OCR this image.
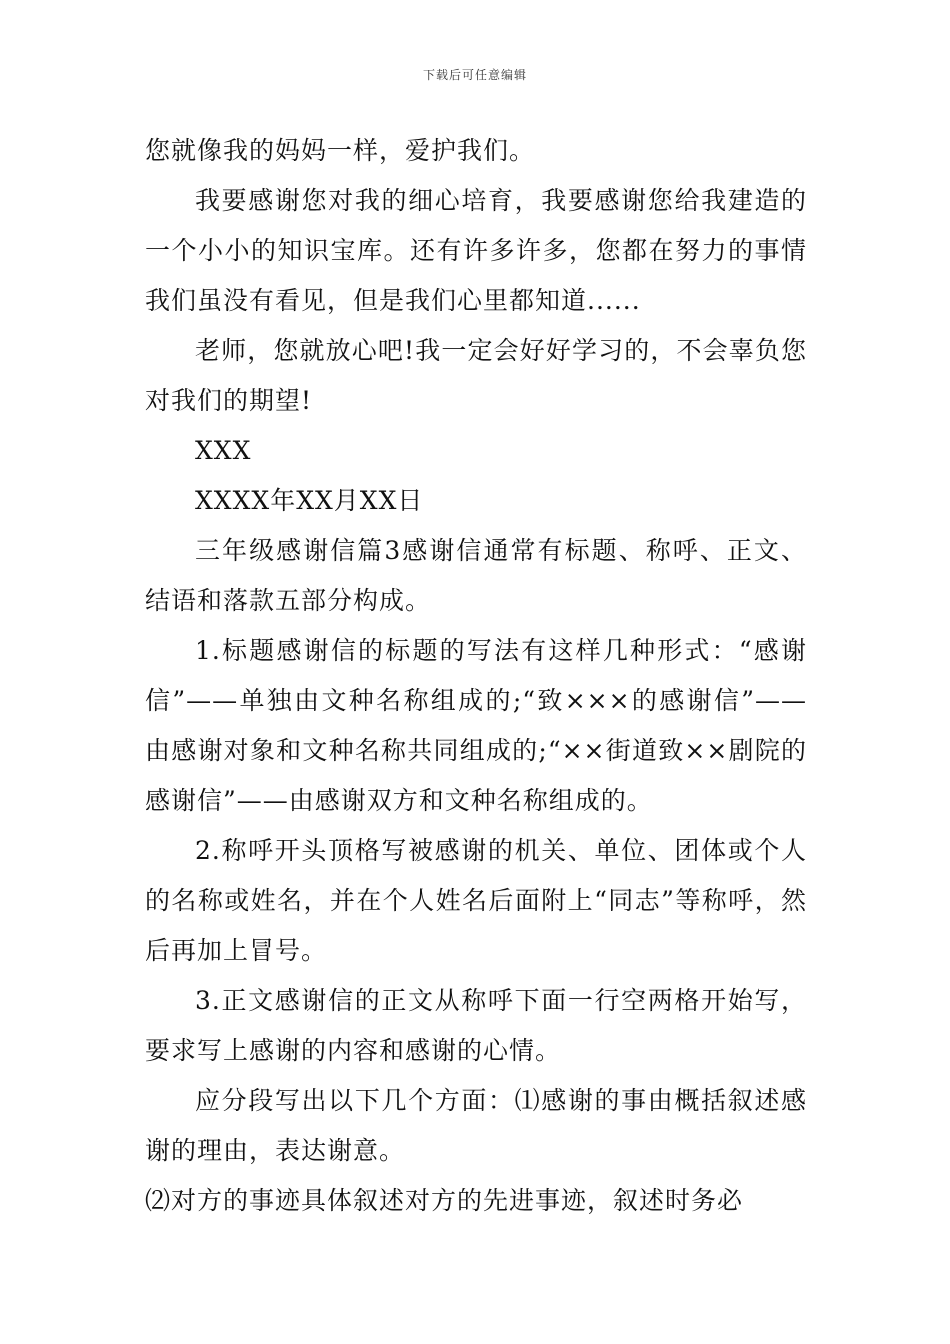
下载后可任意编辑

您就像我的妈妈一样，爱护我们。

我要感谢您对我的细心培育，我要感谢您给我建造的一个小小的知识宝库。还有许多许多，您都在努力的事情我们虽没有看见，但是我们心里都知道......

老师，您就放心吧!我一定会好好学习的，不会辜负您对我们的期望!

XXX

XXXX年XX月XX日

三年级感谢信篇3感谢信通常有标题、称呼、正文、结语和落款五部分构成。

1.标题感谢信的标题的写法有这样几种形式：“感谢信”——单独由文种名称组成的;“致×××的感谢信”——由感谢对象和文种名称共同组成的;“××街道致××剧院的感谢信”——由感谢双方和文种名称组成的。

2.称呼开头顶格写被感谢的机关、单位、团体或个人的名称或姓名，并在个人姓名后面附上“同志”等称呼，然后再加上冒号。

3.正文感谢信的正文从称呼下面一行空两格开始写，要求写上感谢的内容和感谢的心情。

应分段写出以下几个方面：⑴感谢的事由概括叙述感谢的理由，表达谢意。

⑵对方的事迹具体叙述对方的先进事迹，叙述时务必
